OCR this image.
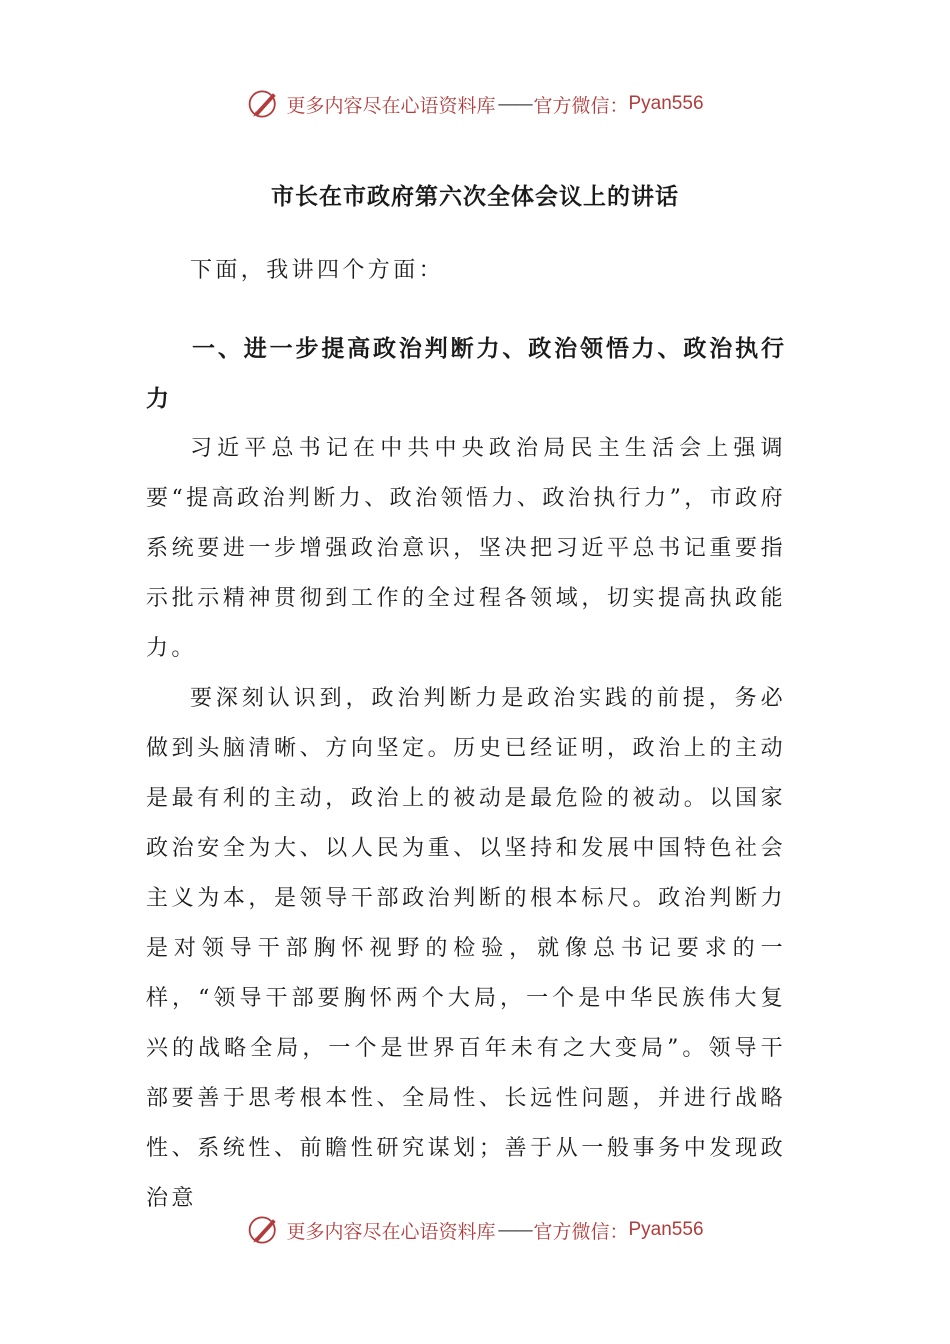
更多内容尽在心语资料库 —— 官方微信： Pyan556
市长在市政府第六次全体会议上的讲话

下面，我讲四个方面：

一、进一步提高政治判断力、政治领悟力、政治执行力

习近平总书记在中共中央政治局民主生活会上强调要“提高政治判断力、政治领悟力、政治执行力”，市政府系统要进一步增强政治意识，坚决把习近平总书记重要指示批示精神贯彻到工作的全过程各领域，切实提高执政能力。

要深刻认识到，政治判断力是政治实践的前提，务必做到头脑清晰、方向坚定。历史已经证明，政治上的主动是最有利的主动，政治上的被动是最危险的被动。以国家政治安全为大、以人民为重、以坚持和发展中国特色社会主义为本，是领导干部政治判断的根本标尺。政治判断力是对领导干部胸怀视野的检验，就像总书记要求的一样，“领导干部要胸怀两个大局，一个是中华民族伟大复兴的战略全局，一个是世界百年未有之大变局”。领导干部要善于思考根本性、全局性、长远性问题，并进行战略性、系统性、前瞻性研究谋划；善于从一般事务中发现政治意

更多内容尽在心语资料库 —— 官方微信： Pyan556
